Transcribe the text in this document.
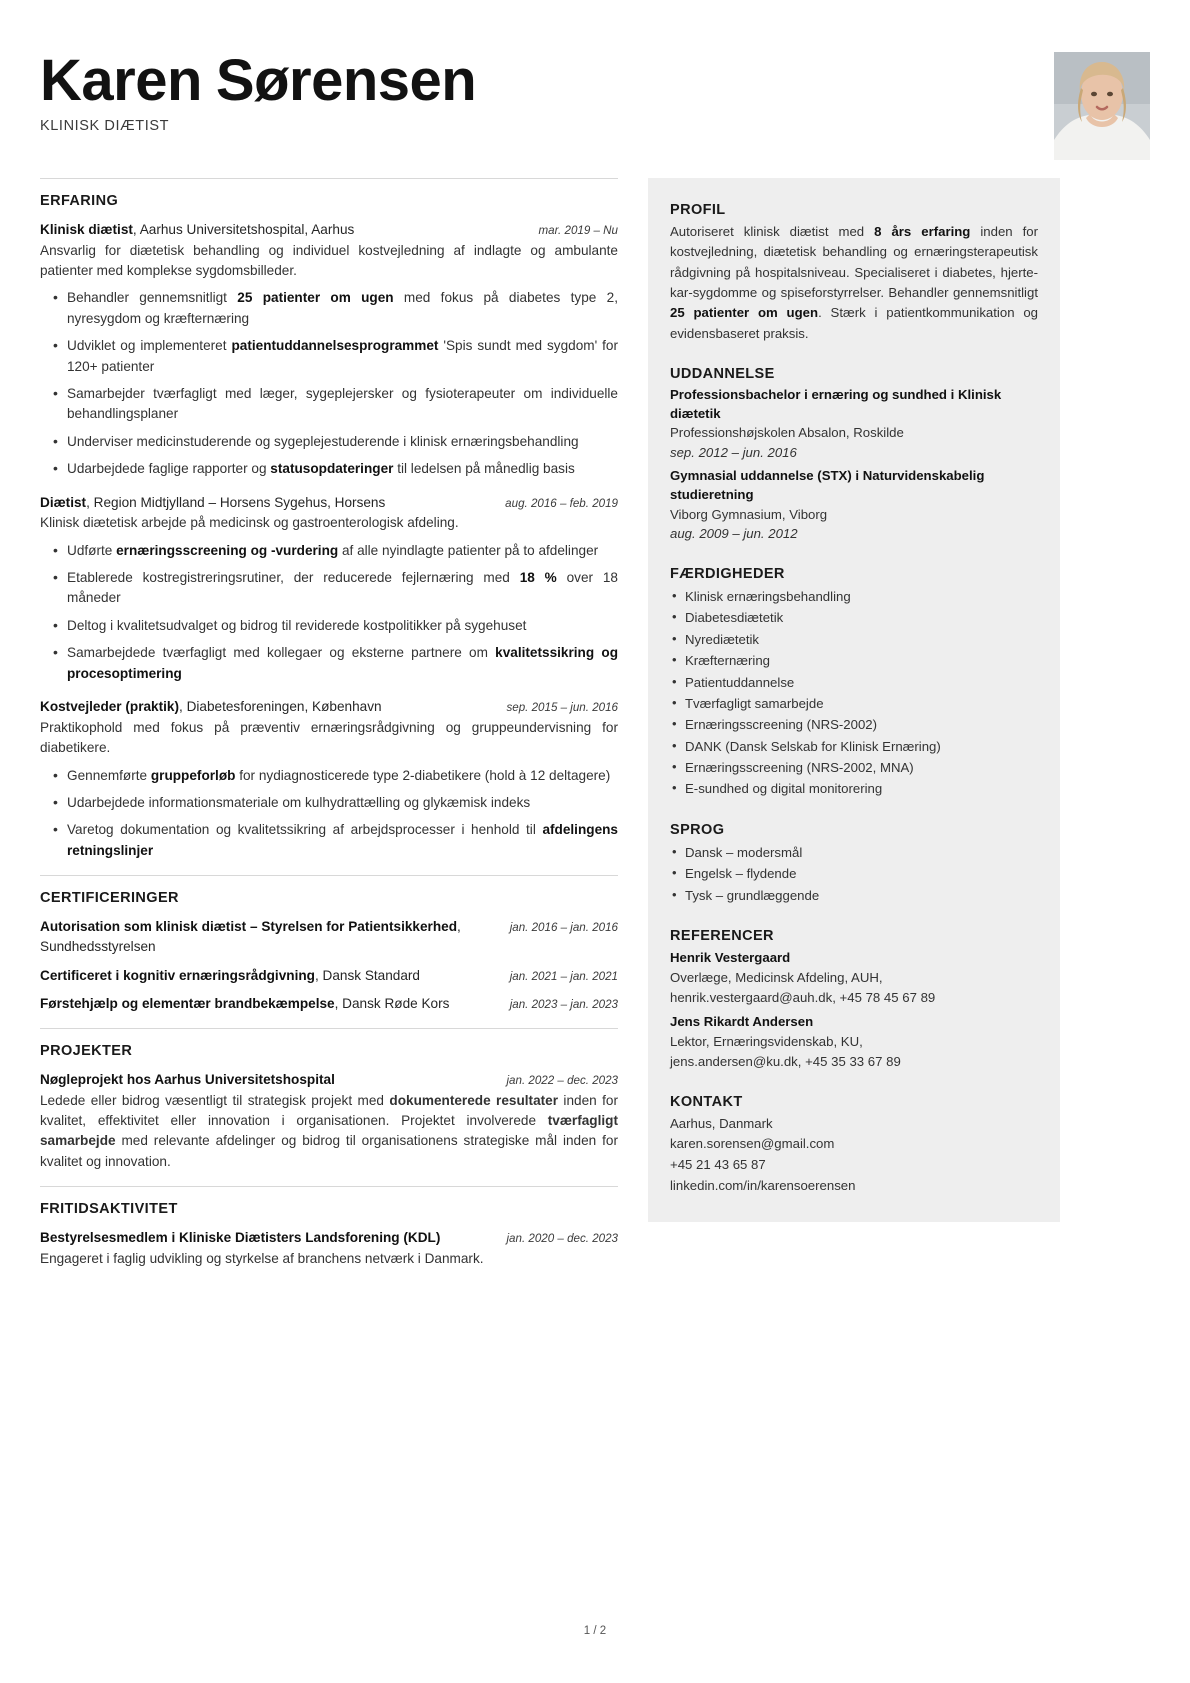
Karen Sørensen
KLINISK DIÆTIST
ERFARING
Klinisk diætist, Aarhus Universitetshospital, Aarhus	mar. 2019 – Nu
Ansvarlig for diætetisk behandling og individuel kostvejledning af indlagte og ambulante patienter med komplekse sygdomsbilleder.
• Behandler gennemsnitligt 25 patienter om ugen med fokus på diabetes type 2, nyresygdom og kræfternæring
• Udviklet og implementeret patientuddannelsesprogrammet 'Spis sundt med sygdom' for 120+ patienter
• Samarbejder tværfagligt med læger, sygeplejersker og fysioterapeuter om individuelle behandlingsplaner
• Underviser medicinstuderende og sygeplejestuderende i klinisk ernæringsbehandling
• Udarbejdede faglige rapporter og statusopdateringer til ledelsen på månedlig basis
Diætist, Region Midtjylland – Horsens Sygehus, Horsens	aug. 2016 – feb. 2019
Klinisk diætetisk arbejde på medicinsk og gastroenterologisk afdeling.
• Udførte ernæringsscreening og -vurdering af alle nyindlagte patienter på to afdelinger
• Etablerede kostregistreringsrutiner, der reducerede fejlernæring med 18 % over 18 måneder
• Deltog i kvalitetsudvalget og bidrog til reviderede kostpolitikker på sygehuset
• Samarbejdede tværfagligt med kollegaer og eksterne partnere om kvalitetssikring og procesoptimering
Kostvejleder (praktik), Diabetesforeningen, København	sep. 2015 – jun. 2016
Praktikophold med fokus på præventiv ernæringsrådgivning og gruppeundervisning for diabetikere.
• Gennemførte gruppeforløb for nydiagnosticerede type 2-diabetikere (hold à 12 deltagere)
• Udarbejdede informationsmateriale om kulhydrattælling og glykæmisk indeks
• Varetog dokumentation og kvalitetssikring af arbejdsprocesser i henhold til afdelingens retningslinjer
CERTIFICERINGER
Autorisation som klinisk diætist – Styrelsen for Patientsikkerhed, Sundhedsstyrelsen
jan. 2016 – jan. 2016
Certificeret i kognitiv ernæringsrådgivning, Dansk Standard	jan. 2021 – jan. 2021
Førstehjælp og elementær brandbekæmpelse, Dansk Røde Kors	jan. 2023 – jan. 2023
PROJEKTER
Nøgleprojekt hos Aarhus Universitetshospital	jan. 2022 – dec. 2023
Ledede eller bidrog væsentligt til strategisk projekt med dokumenterede resultater inden for kvalitet, effektivitet eller innovation i organisationen. Projektet involverede tværfagligt samarbejde med relevante afdelinger og bidrog til organisationens strategiske mål inden for kvalitet og innovation.
FRITIDSAKTIVITET
Bestyrelsesmedlem i Kliniske Diætisters Landsforening (KDL)	jan. 2020 – dec. 2023
Engageret i faglig udvikling og styrkelse af branchens netværk i Danmark.
PROFIL

Autoriseret klinisk diætist med 8 års erfaring inden for kostvejledning, diætetisk behandling og ernæringsterapeutisk rådgivning på hospitalsniveau. Specialiseret i diabetes, hjerte-kar-sygdomme og spiseforstyrrelser. Behandler gennemsnitligt 25 patienter om ugen. Stærk i patientkommunikation og evidensbaseret praksis.

UDDANNELSE
Professionsbachelor i ernæring og sundhed i Klinisk diætetik
Professionshøjskolen Absalon, Roskilde
sep. 2012 – jun. 2016
Gymnasial uddannelse (STX) i Naturvidenskabelig studieretning
Viborg Gymnasium, Viborg
aug. 2009 – jun. 2012
FÆRDIGHEDER
• Klinisk ernæringsbehandling
• Diabetesdiætetik
• Nyrediætetik
• Kræfternæring
• Patientuddannelse
• Tværfagligt samarbejde
• Ernæringsscreening (NRS-2002)
• DANK (Dansk Selskab for Klinisk Ernæring)
• Ernæringsscreening (NRS-2002, MNA)
• E-sundhed og digital monitorering
SPROG
• Dansk – modersmål
• Engelsk – flydende
• Tysk – grundlæggende
REFERENCER
Henrik Vestergaard
Overlæge, Medicinsk Afdeling, AUH,
henrik.vestergaard@auh.dk, +45 78 45 67 89
Jens Rikardt Andersen
Lektor, Ernæringsvidenskab, KU,
jens.andersen@ku.dk, +45 35 33 67 89
KONTAKT
Aarhus, Danmark
karen.sorensen@gmail.com
+45 21 43 65 87
linkedin.com/in/karensoerensen
1 / 2
